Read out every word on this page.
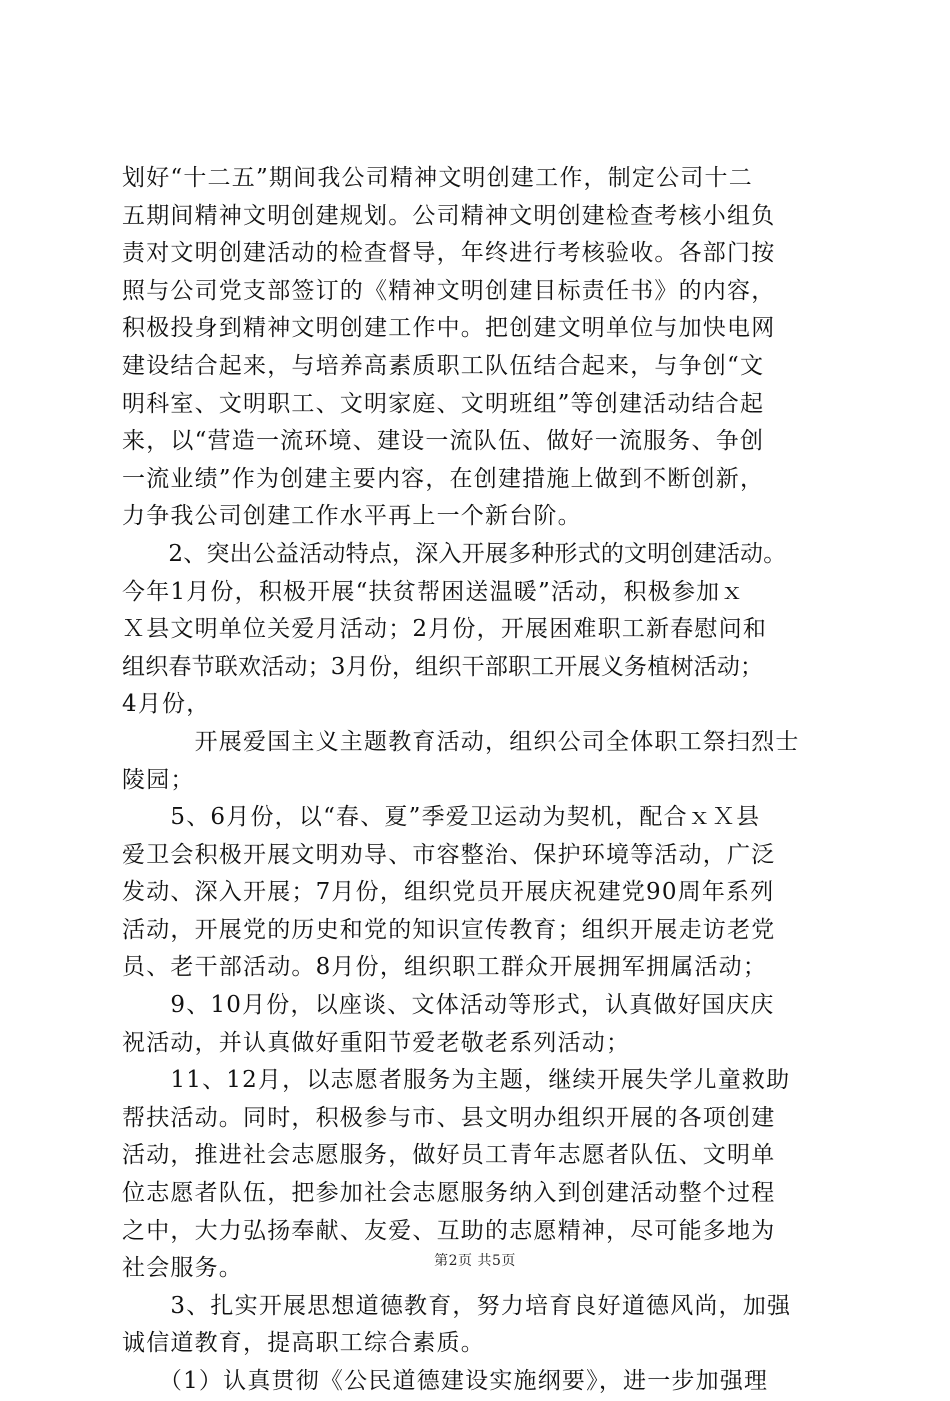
划好“十二五”期间我公司精神文明创建工作，制定公司十二
五期间精神文明创建规划。公司精神文明创建检查考核小组负
责对文明创建活动的检查督导，年终进行考核验收。各部门按
照与公司党支部签订的《精神文明创建目标责任书》的内容，
积极投身到精神文明创建工作中。把创建文明单位与加快电网
建设结合起来，与培养高素质职工队伍结合起来，与争创“文
明科室、文明职工、文明家庭、文明班组”等创建活动结合起
来，以“营造一流环境、建设一流队伍、做好一流服务、争创
一流业绩”作为创建主要内容，在创建措施上做到不断创新，
力争我公司创建工作水平再上一个新台阶。
　　2、突出公益活动特点，深入开展多种形式的文明创建活动。
今年1月份，积极开展“扶贫帮困送温暖”活动，积极参加ｘ
Ｘ县文明单位关爱月活动；2月份，开展困难职工新春慰问和
组织春节联欢活动；3月份，组织干部职工开展义务植树活动；
4月份，
　　　开展爱国主义主题教育活动，组织公司全体职工祭扫烈士
陵园；
　　5、6月份，以“春、夏”季爱卫运动为契机，配合ｘＸ县
爱卫会积极开展文明劝导、市容整治、保护环境等活动，广泛
发动、深入开展；7月份，组织党员开展庆祝建党90周年系列
活动，开展党的历史和党的知识宣传教育；组织开展走访老党
员、老干部活动。8月份，组织职工群众开展拥军拥属活动；
　　9、10月份，以座谈、文体活动等形式，认真做好国庆庆
祝活动，并认真做好重阳节爱老敬老系列活动；
　　11、12月，以志愿者服务为主题，继续开展失学儿童救助
帮扶活动。同时，积极参与市、县文明办组织开展的各项创建
活动，推进社会志愿服务，做好员工青年志愿者队伍、文明单
位志愿者队伍，把参加社会志愿服务纳入到创建活动整个过程
之中，大力弘扬奉献、友爱、互助的志愿精神，尽可能多地为
社会服务。
　　3、扎实开展思想道德教育，努力培育良好道德风尚，加强
诚信道教育，提高职工综合素质。
　　（1）认真贯彻《公民道德建设实施纲要》，进一步加强理
第2页 共5页
